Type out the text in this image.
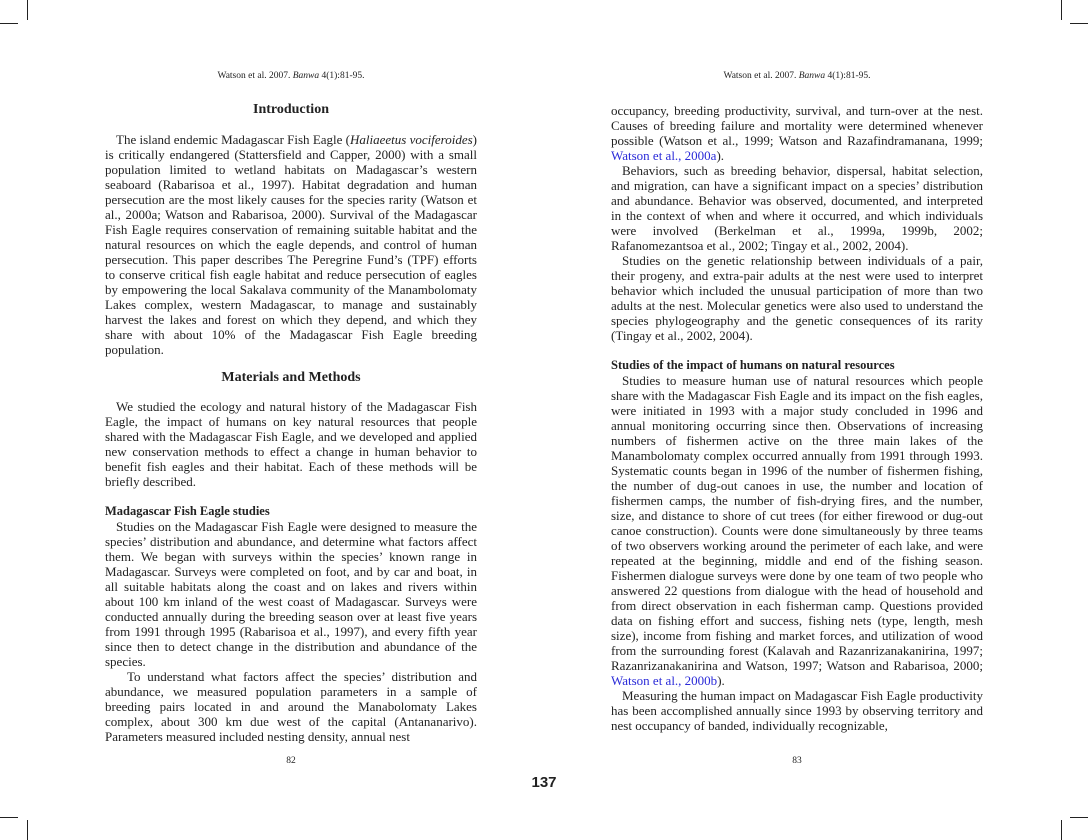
Watson et al. 2007. Banwa 4(1):81-95.	Watson et al. 2007. Banwa 4(1):81-95.
Introduction

The island endemic Madagascar Fish Eagle (Haliaeetus vociferoides) is critically endangered (Stattersfield and Capper, 2000) with a small population limited to wetland habitats on Madagascar’s western seaboard (Rabarisoa et al., 1997). Habitat degradation and human persecution are the most likely causes for the species rarity (Watson et al., 2000a; Watson and Rabarisoa, 2000). Survival of the Madagascar Fish Eagle requires conservation of remaining suitable habitat and the natural resources on which the eagle depends, and control of human persecution. This paper describes The Peregrine Fund’s (TPF) efforts to conserve critical fish eagle habitat and reduce persecution of eagles by empowering the local Sakalava community of the Manambolomaty Lakes complex, western Madagascar, to manage and sustainably harvest the lakes and forest on which they depend, and which they share with about 10% of the Madagascar Fish Eagle breeding population.

Materials and Methods

We studied the ecology and natural history of the Madagascar Fish Eagle, the impact of humans on key natural resources that people shared with the Madagascar Fish Eagle, and we developed and applied new conservation methods to effect a change in human behavior to benefit fish eagles and their habitat. Each of these methods will be briefly described.

Madagascar Fish Eagle studies

Studies on the Madagascar Fish Eagle were designed to measure the species’ distribution and abundance, and determine what factors affect them. We began with surveys within the species’ known range in Madagascar. Surveys were completed on foot, and by car and boat, in all suitable habitats along the coast and on lakes and rivers within about 100 km inland of the west coast of Madagascar. Surveys were conducted annually during the breeding season over at least five years from 1991 through 1995 (Rabarisoa et al., 1997), and every fifth year since then to detect change in the distribution and abundance of the species.

To understand what factors affect the species’ distribution and abundance, we measured population parameters in a sample of breeding pairs located in and around the Manabolomaty Lakes complex, about 300 km due west of the capital (Antananarivo). Parameters measured included nesting density, annual nest

occupancy, breeding productivity, survival, and turn-over at the nest. Causes of breeding failure and mortality were determined whenever possible (Watson et al., 1999; Watson and Razafindramanana, 1999; Watson et al., 2000a).

Behaviors, such as breeding behavior, dispersal, habitat selection, and migration, can have a significant impact on a species’ distribution and abundance. Behavior was observed, documented, and interpreted in the context of when and where it occurred, and which individuals were involved (Berkelman et al., 1999a, 1999b, 2002; Rafanomezantsoa et al., 2002; Tingay et al., 2002, 2004).

Studies on the genetic relationship between individuals of a pair, their progeny, and extra-pair adults at the nest were used to interpret behavior which included the unusual participation of more than two adults at the nest. Molecular genetics were also used to understand the species phylogeography and the genetic consequences of its rarity (Tingay et al., 2002, 2004).

Studies of the impact of humans on natural resources

Studies to measure human use of natural resources which people share with the Madagascar Fish Eagle and its impact on the fish eagles, were initiated in 1993 with a major study concluded in 1996 and annual monitoring occurring since then. Observations of increasing numbers of fishermen active on the three main lakes of the Manambolomaty complex occurred annually from 1991 through 1993. Systematic counts began in 1996 of the number of fishermen fishing, the number of dug-out canoes in use, the number and location of fishermen camps, the number of fish-drying fires, and the number, size, and distance to shore of cut trees (for either firewood or dug-out canoe construction). Counts were done simultaneously by three teams of two observers working around the perimeter of each lake, and were repeated at the beginning, middle and end of the fishing season. Fishermen dialogue surveys were done by one team of two people who answered 22 questions from dialogue with the head of household and from direct observation in each fisherman camp. Questions provided data on fishing effort and success, fishing nets (type, length, mesh size), income from fishing and market forces, and utilization of wood from the surrounding forest (Kalavah and Razanrizanakanirina, 1997; Razanrizanakanirina and Watson, 1997; Watson and Rabarisoa, 2000; Watson et al., 2000b).

Measuring the human impact on Madagascar Fish Eagle productivity has been accomplished annually since 1993 by observing territory and nest occupancy of banded, individually recognizable,

82	83
137
